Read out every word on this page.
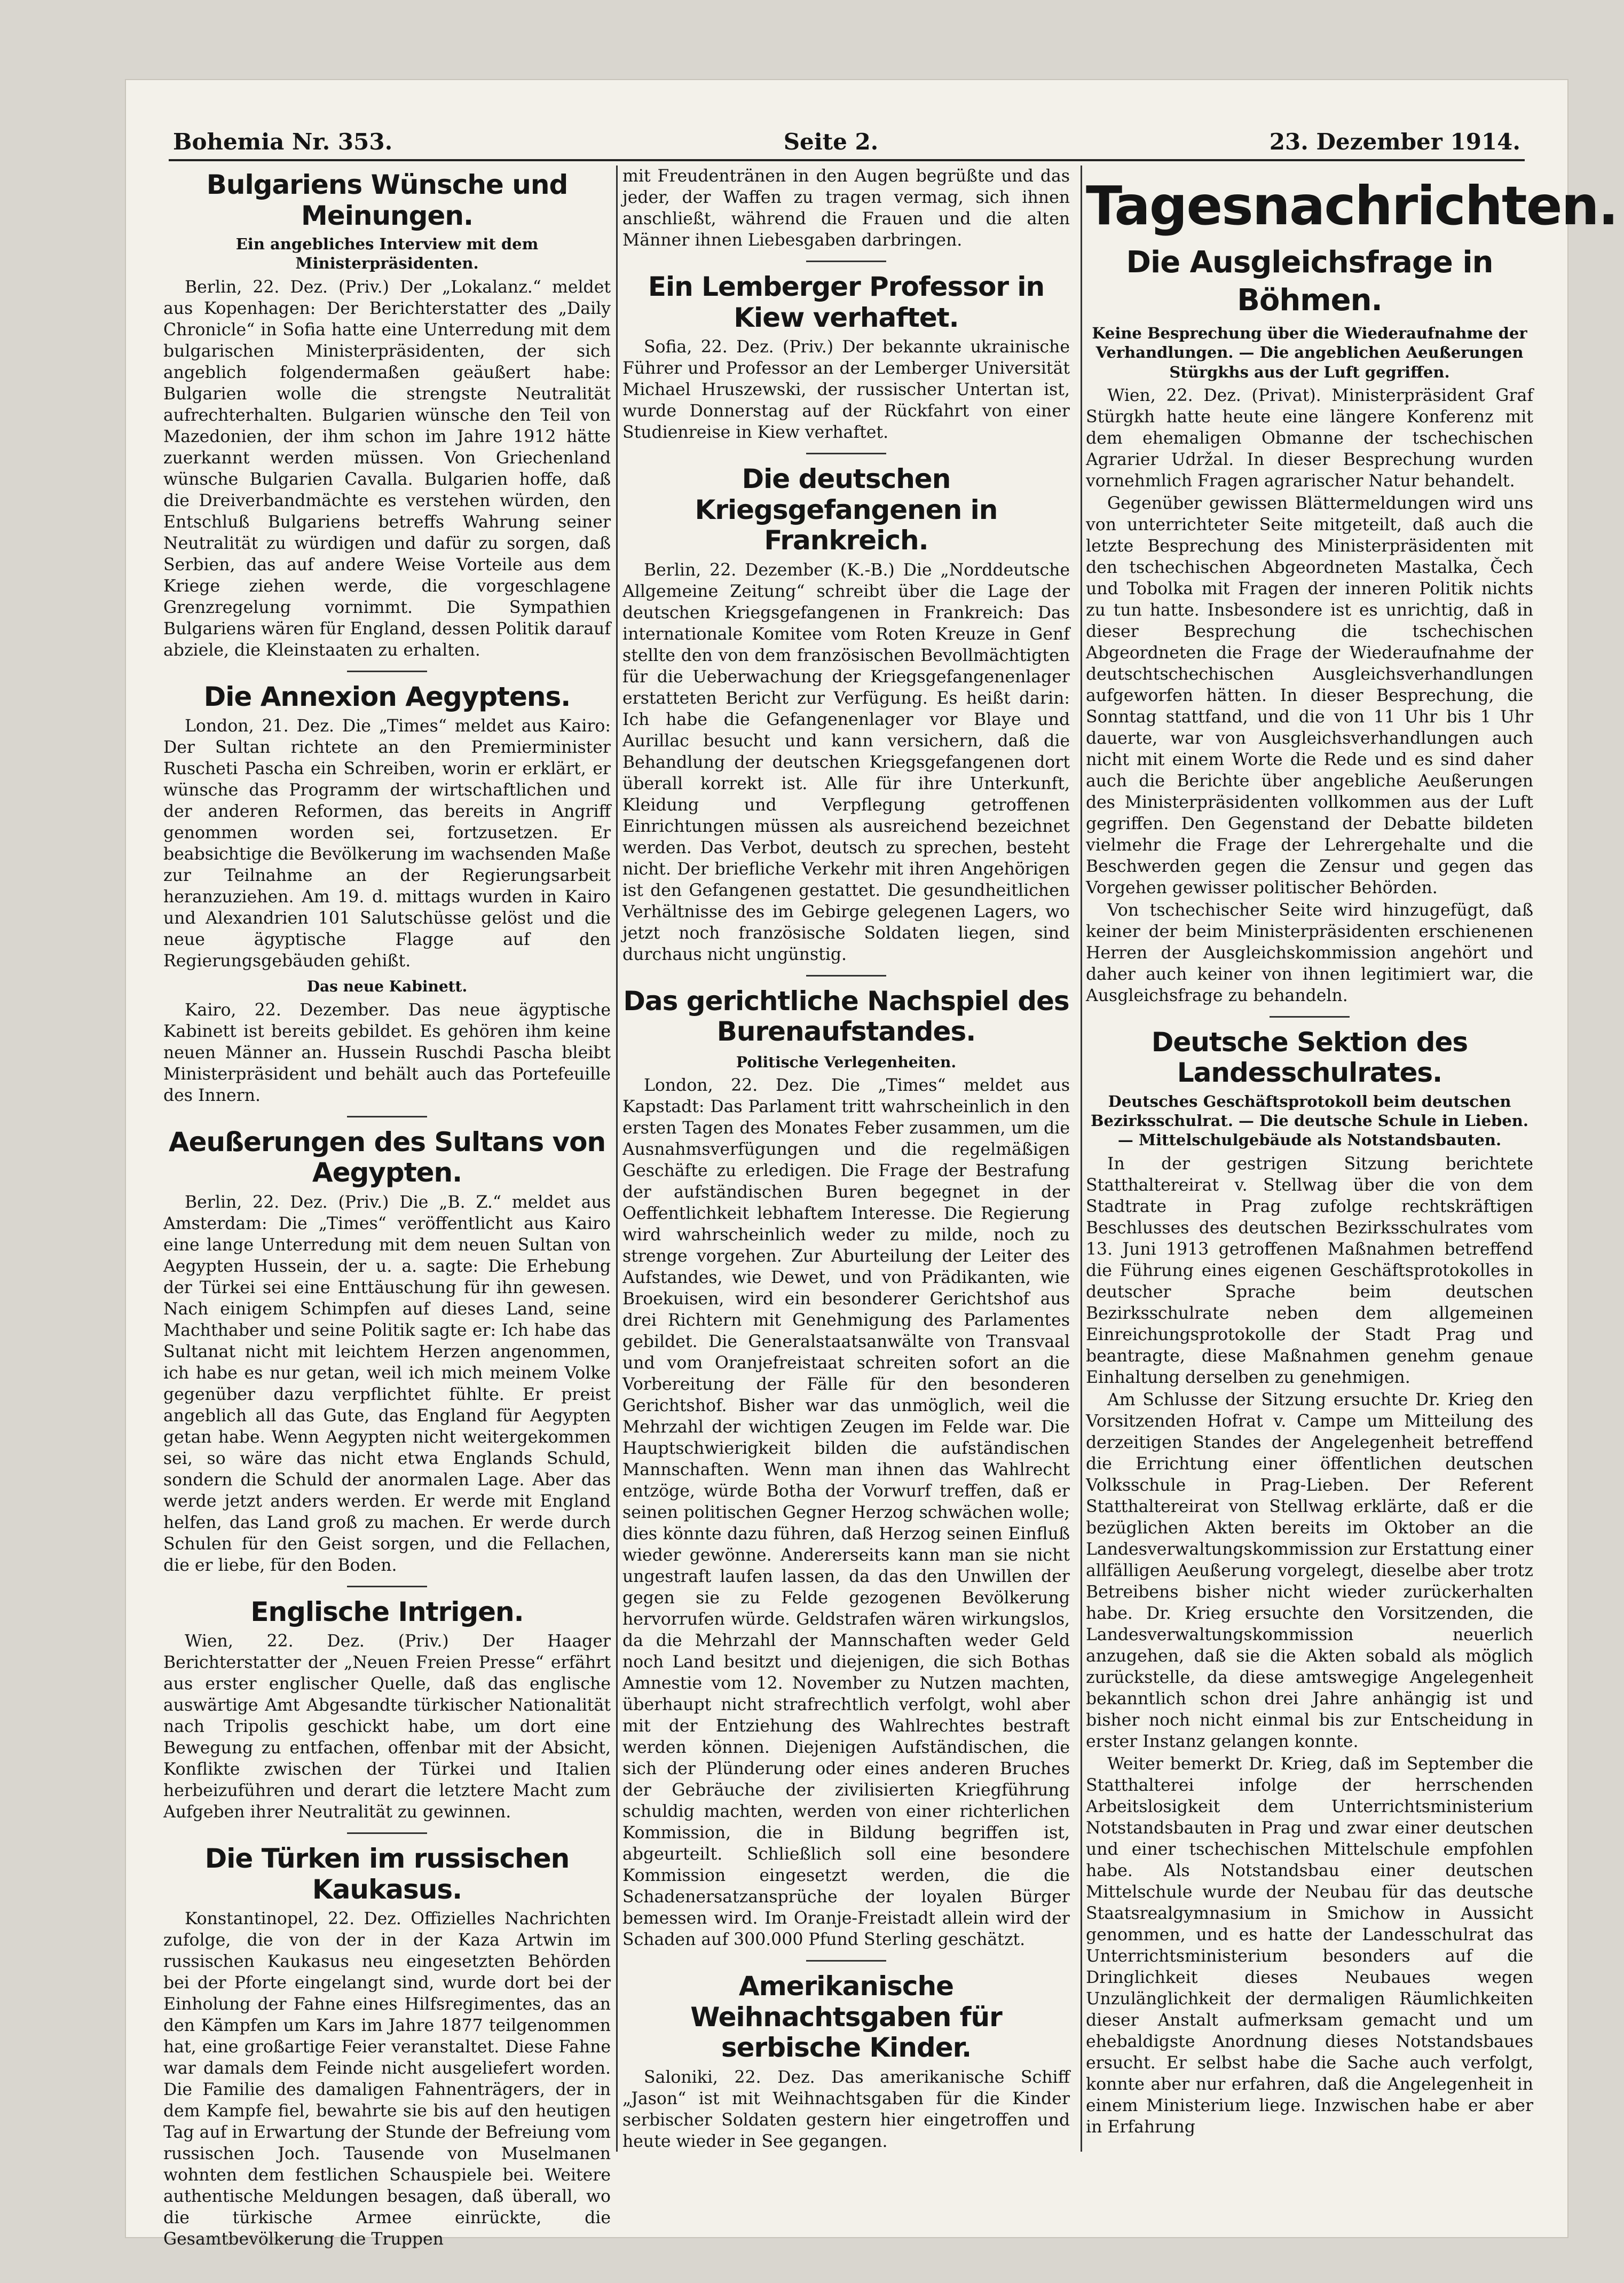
Bohemia Nr. 353.	Seite 2.	23. Dezember 1914.
Bulgariens Wünsche und Meinungen.
Ein angebliches Interview mit dem Ministerpräsidenten.

Berlin, 22. Dez. (Priv.) Der „Lokalanz.“ meldet aus Kopenhagen: Der Berichterstatter des „Daily Chronicle“ in Sofia hatte eine Unterredung mit dem bulgarischen Ministerpräsidenten, der sich angeblich folgendermaßen geäußert habe: Bulgarien wolle die strengste Neutralität aufrechterhalten. Bulgarien wünsche den Teil von Mazedonien, der ihm schon im Jahre 1912 hätte zuerkannt werden müssen. Von Griechenland wünsche Bulgarien Cavalla. Bulgarien hoffe, daß die Dreiverbandmächte es verstehen würden, den Entschluß Bulgariens betreffs Wahrung seiner Neutralität zu würdigen und dafür zu sorgen, daß Serbien, das auf andere Weise Vorteile aus dem Kriege ziehen werde, die vorgeschlagene Grenzregelung vornimmt. Die Sympathien Bulgariens wären für England, dessen Politik darauf abziele, die Kleinstaaten zu erhalten.

Die Annexion Aegyptens.

London, 21. Dez. Die „Times“ meldet aus Kairo: Der Sultan richtete an den Premierminister Ruscheti Pascha ein Schreiben, worin er erklärt, er wünsche das Programm der wirtschaftlichen und der anderen Reformen, das bereits in Angriff genommen worden sei, fortzusetzen. Er beabsichtige die Bevölkerung im wachsenden Maße zur Teilnahme an der Regierungsarbeit heranzuziehen. Am 19. d. mittags wurden in Kairo und Alexandrien 101 Salutschüsse gelöst und die neue ägyptische Flagge auf den Regierungsgebäuden gehißt.

Das neue Kabinett.

Kairo, 22. Dezember. Das neue ägyptische Kabinett ist bereits gebildet. Es gehören ihm keine neuen Männer an. Hussein Ruschdi Pascha bleibt Ministerpräsident und behält auch das Portefeuille des Innern.

Aeußerungen des Sultans von Aegypten.

Berlin, 22. Dez. (Priv.) Die „B. Z.“ meldet aus Amsterdam: Die „Times“ veröffentlicht aus Kairo eine lange Unterredung mit dem neuen Sultan von Aegypten Hussein, der u. a. sagte: Die Erhebung der Türkei sei eine Enttäuschung für ihn gewesen. Nach einigem Schimpfen auf dieses Land, seine Machthaber und seine Politik sagte er: Ich habe das Sultanat nicht mit leichtem Herzen angenommen, ich habe es nur getan, weil ich mich meinem Volke gegenüber dazu verpflichtet fühlte. Er preist angeblich all das Gute, das England für Aegypten getan habe. Wenn Aegypten nicht weitergekommen sei, so wäre das nicht etwa Englands Schuld, sondern die Schuld der anormalen Lage. Aber das werde jetzt anders werden. Er werde mit England helfen, das Land groß zu machen. Er werde durch Schulen für den Geist sorgen, und die Fellachen, die er liebe, für den Boden.

Englische Intrigen.

Wien, 22. Dez. (Priv.) Der Haager Berichterstatter der „Neuen Freien Presse“ erfährt aus erster englischer Quelle, daß das englische auswärtige Amt Abgesandte türkischer Nationalität nach Tripolis geschickt habe, um dort eine Bewegung zu entfachen, offenbar mit der Absicht, Konflikte zwischen der Türkei und Italien herbeizuführen und derart die letztere Macht zum Aufgeben ihrer Neutralität zu gewinnen.

Die Türken im russischen Kaukasus.

Konstantinopel, 22. Dez. Offizielles Nachrichten zufolge, die von der in der Kaza Artwin im russischen Kaukasus neu eingesetzten Behörden bei der Pforte eingelangt sind, wurde dort bei der Einholung der Fahne eines Hilfsregimentes, das an den Kämpfen um Kars im Jahre 1877 teilgenommen hat, eine großartige Feier veranstaltet. Diese Fahne war damals dem Feinde nicht ausgeliefert worden. Die Familie des damaligen Fahnenträgers, der in dem Kampfe fiel, bewahrte sie bis auf den heutigen Tag auf in Erwartung der Stunde der Befreiung vom russischen Joch. Tausende von Muselmanen wohnten dem festlichen Schauspiele bei. Weitere authentische Meldungen besagen, daß überall, wo die türkische Armee einrückte, die Gesamtbevölkerung die Truppen

mit Freudentränen in den Augen begrüßte und das jeder, der Waffen zu tragen vermag, sich ihnen anschließt, während die Frauen und die alten Männer ihnen Liebesgaben darbringen.

Ein Lemberger Professor in Kiew verhaftet.

Sofia, 22. Dez. (Priv.) Der bekannte ukrainische Führer und Professor an der Lemberger Universität Michael Hruszewski, der russischer Untertan ist, wurde Donnerstag auf der Rückfahrt von einer Studienreise in Kiew verhaftet.

Die deutschen Kriegsgefangenen in Frankreich.

Berlin, 22. Dezember (K.-B.) Die „Norddeutsche Allgemeine Zeitung“ schreibt über die Lage der deutschen Kriegsgefangenen in Frankreich: Das internationale Komitee vom Roten Kreuze in Genf stellte den von dem französischen Bevollmächtigten für die Ueberwachung der Kriegsgefangenenlager erstatteten Bericht zur Verfügung. Es heißt darin: Ich habe die Gefangenenlager vor Blaye und Aurillac besucht und kann versichern, daß die Behandlung der deutschen Kriegsgefangenen dort überall korrekt ist. Alle für ihre Unterkunft, Kleidung und Verpflegung getroffenen Einrichtungen müssen als ausreichend bezeichnet werden. Das Verbot, deutsch zu sprechen, besteht nicht. Der briefliche Verkehr mit ihren Angehörigen ist den Gefangenen gestattet. Die gesundheitlichen Verhältnisse des im Gebirge gelegenen Lagers, wo jetzt noch französische Soldaten liegen, sind durchaus nicht ungünstig.

Das gerichtliche Nachspiel des Burenaufstandes.
Politische Verlegenheiten.

London, 22. Dez. Die „Times“ meldet aus Kapstadt: Das Parlament tritt wahrscheinlich in den ersten Tagen des Monates Feber zusammen, um die Ausnahmsverfügungen und die regelmäßigen Geschäfte zu erledigen. Die Frage der Bestrafung der aufständischen Buren begegnet in der Oeffentlichkeit lebhaftem Interesse. Die Regierung wird wahrscheinlich weder zu milde, noch zu strenge vorgehen. Zur Aburteilung der Leiter des Aufstandes, wie Dewet, und von Prädikanten, wie Broekuisen, wird ein besonderer Gerichtshof aus drei Richtern mit Genehmigung des Parlamentes gebildet. Die Generalstaatsanwälte von Transvaal und vom Oranjefreistaat schreiten sofort an die Vorbereitung der Fälle für den besonderen Gerichtshof. Bisher war das unmöglich, weil die Mehrzahl der wichtigen Zeugen im Felde war. Die Hauptschwierigkeit bilden die aufständischen Mannschaften. Wenn man ihnen das Wahlrecht entzöge, würde Botha der Vorwurf treffen, daß er seinen politischen Gegner Herzog schwächen wolle; dies könnte dazu führen, daß Herzog seinen Einfluß wieder gewönne. Andererseits kann man sie nicht ungestraft laufen lassen, da das den Unwillen der gegen sie zu Felde gezogenen Bevölkerung hervorrufen würde. Geldstrafen wären wirkungslos, da die Mehrzahl der Mannschaften weder Geld noch Land besitzt und diejenigen, die sich Bothas Amnestie vom 12. November zu Nutzen machten, überhaupt nicht strafrechtlich verfolgt, wohl aber mit der Entziehung des Wahlrechtes bestraft werden können. Diejenigen Aufständischen, die sich der Plünderung oder eines anderen Bruches der Gebräuche der zivilisierten Kriegführung schuldig machten, werden von einer richterlichen Kommission, die in Bildung begriffen ist, abgeurteilt. Schließlich soll eine besondere Kommission eingesetzt werden, die die Schadenersatzansprüche der loyalen Bürger bemessen wird. Im Oranje-Freistadt allein wird der Schaden auf 300.000 Pfund Sterling geschätzt.

Amerikanische Weihnachtsgaben für serbische Kinder.

Saloniki, 22. Dez. Das amerikanische Schiff „Jason“ ist mit Weihnachtsgaben für die Kinder serbischer Soldaten gestern hier eingetroffen und heute wieder in See gegangen.

Tagesnachrichten.
Die Ausgleichsfrage in Böhmen.
Keine Besprechung über die Wiederaufnahme der Verhandlungen. — Die angeblichen Aeußerungen Stürgkhs aus der Luft gegriffen.

Wien, 22. Dez. (Privat). Ministerpräsident Graf Stürgkh hatte heute eine längere Konferenz mit dem ehemaligen Obmanne der tschechischen Agrarier Udržal. In dieser Besprechung wurden vornehmlich Fragen agrarischer Natur behandelt.

Gegenüber gewissen Blättermeldungen wird uns von unterrichteter Seite mitgeteilt, daß auch die letzte Besprechung des Ministerpräsidenten mit den tschechischen Abgeordneten Mastalka, Čech und Tobolka mit Fragen der inneren Politik nichts zu tun hatte. Insbesondere ist es unrichtig, daß in dieser Besprechung die tschechischen Abgeordneten die Frage der Wiederaufnahme der deutschtschechischen Ausgleichsverhandlungen aufgeworfen hätten. In dieser Besprechung, die Sonntag stattfand, und die von 11 Uhr bis 1 Uhr dauerte, war von Ausgleichsverhandlungen auch nicht mit einem Worte die Rede und es sind daher auch die Berichte über angebliche Aeußerungen des Ministerpräsidenten vollkommen aus der Luft gegriffen. Den Gegenstand der Debatte bildeten vielmehr die Frage der Lehrergehalte und die Beschwerden gegen die Zensur und gegen das Vorgehen gewisser politischer Behörden.

Von tschechischer Seite wird hinzugefügt, daß keiner der beim Ministerpräsidenten erschienenen Herren der Ausgleichskommission angehört und daher auch keiner von ihnen legitimiert war, die Ausgleichsfrage zu behandeln.

Deutsche Sektion des Landesschulrates.
Deutsches Geschäftsprotokoll beim deutschen Bezirksschulrat. — Die deutsche Schule in Lieben. — Mittelschulgebäude als Notstandsbauten.

In der gestrigen Sitzung berichtete Statthaltereirat v. Stellwag über die von dem Stadtrate in Prag zufolge rechtskräftigen Beschlusses des deutschen Bezirksschulrates vom 13. Juni 1913 getroffenen Maßnahmen betreffend die Führung eines eigenen Geschäftsprotokolles in deutscher Sprache beim deutschen Bezirksschulrate neben dem allgemeinen Einreichungsprotokolle der Stadt Prag und beantragte, diese Maßnahmen genehm genaue Einhaltung derselben zu genehmigen.

Am Schlusse der Sitzung ersuchte Dr. Krieg den Vorsitzenden Hofrat v. Campe um Mitteilung des derzeitigen Standes der Angelegenheit betreffend die Errichtung einer öffentlichen deutschen Volksschule in Prag-Lieben. Der Referent Statthaltereirat von Stellwag erklärte, daß er die bezüglichen Akten bereits im Oktober an die Landesverwaltungskommission zur Erstattung einer allfälligen Aeußerung vorgelegt, dieselbe aber trotz Betreibens bisher nicht wieder zurückerhalten habe. Dr. Krieg ersuchte den Vorsitzenden, die Landesverwaltungskommission neuerlich anzugehen, daß sie die Akten sobald als möglich zurückstelle, da diese amtswegige Angelegenheit bekanntlich schon drei Jahre anhängig ist und bisher noch nicht einmal bis zur Entscheidung in erster Instanz gelangen konnte.

Weiter bemerkt Dr. Krieg, daß im September die Statthalterei infolge der herrschenden Arbeitslosigkeit dem Unterrichtsministerium Notstandsbauten in Prag und zwar einer deutschen und einer tschechischen Mittelschule empfohlen habe. Als Notstandsbau einer deutschen Mittelschule wurde der Neubau für das deutsche Staatsrealgymnasium in Smichow in Aussicht genommen, und es hatte der Landesschulrat das Unterrichtsministerium besonders auf die Dringlichkeit dieses Neubaues wegen Unzulänglichkeit der dermaligen Räumlichkeiten dieser Anstalt aufmerksam gemacht und um ehebaldigste Anordnung dieses Notstandsbaues ersucht. Er selbst habe die Sache auch verfolgt, konnte aber nur erfahren, daß die Angelegenheit in einem Ministerium liege. Inzwischen habe er aber in Erfahrung
